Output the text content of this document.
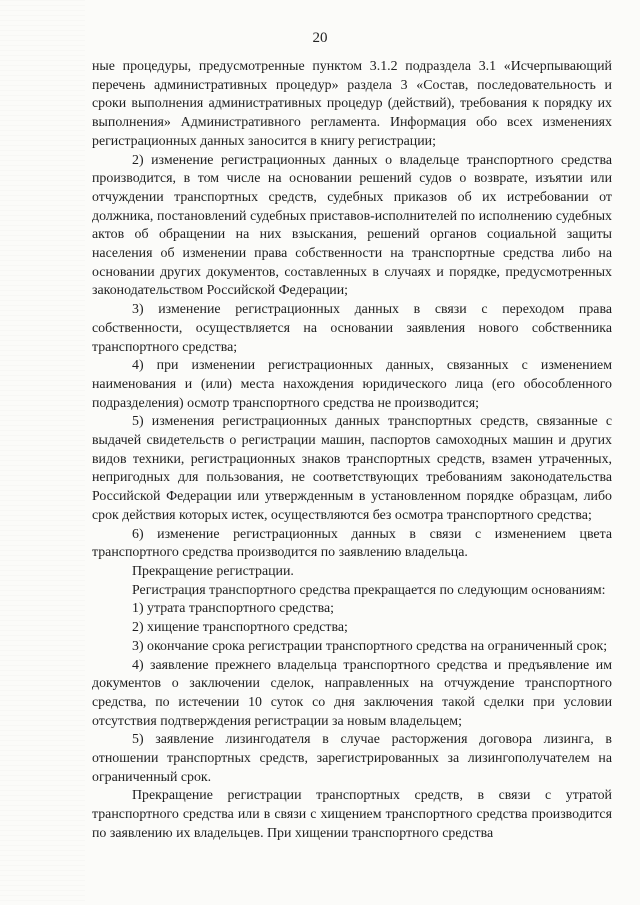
20

ные процедуры, предусмотренные пунктом 3.1.2 подраздела 3.1 «Исчерпывающий перечень административных процедур» раздела 3 «Состав, последовательность и сроки выполнения административных процедур (действий), требования к порядку их выполнения» Административного регламента. Информация обо всех изменениях регистрационных данных заносится в книгу регистрации;

2) изменение регистрационных данных о владельце транспортного средства производится, в том числе на основании решений судов о возврате, изъятии или отчуждении транспортных средств, судебных приказов об их истребовании от должника, постановлений судебных приставов-исполнителей по исполнению судебных актов об обращении на них взыскания, решений органов социальной защиты населения об изменении права собственности на транспортные средства либо на основании других документов, составленных в случаях и порядке, предусмотренных законодательством Российской Федерации;

3) изменение регистрационных данных в связи с переходом права собственности, осуществляется на основании заявления нового собственника транспортного средства;

4) при изменении регистрационных данных, связанных с изменением наименования и (или) места нахождения юридического лица (его обособленного подразделения) осмотр транспортного средства не производится;

5) изменения регистрационных данных транспортных средств, связанные с выдачей свидетельств о регистрации машин, паспортов самоходных машин и других видов техники, регистрационных знаков транспортных средств, взамен утраченных, непригодных для пользования, не соответствующих требованиям законодательства Российской Федерации или утвержденным в установленном порядке образцам, либо срок действия которых истек, осуществляются без осмотра транспортного средства;

6) изменение регистрационных данных в связи с изменением цвета транспортного средства производится по заявлению владельца.

Прекращение регистрации.

Регистрация транспортного средства прекращается по следующим основаниям:

1) утрата транспортного средства;

2) хищение транспортного средства;

3) окончание срока регистрации транспортного средства на ограниченный срок;

4) заявление прежнего владельца транспортного средства и предъявление им документов о заключении сделок, направленных на отчуждение транспортного средства, по истечении 10 суток со дня заключения такой сделки при условии отсутствия подтверждения регистрации за новым владельцем;

5) заявление лизингодателя в случае расторжения договора лизинга, в отношении транспортных средств, зарегистрированных за лизингополучателем на ограниченный срок.

Прекращение регистрации транспортных средств, в связи с утратой транспортного средства или в связи с хищением транспортного средства производится по заявлению их владельцев. При хищении транспортного средства
